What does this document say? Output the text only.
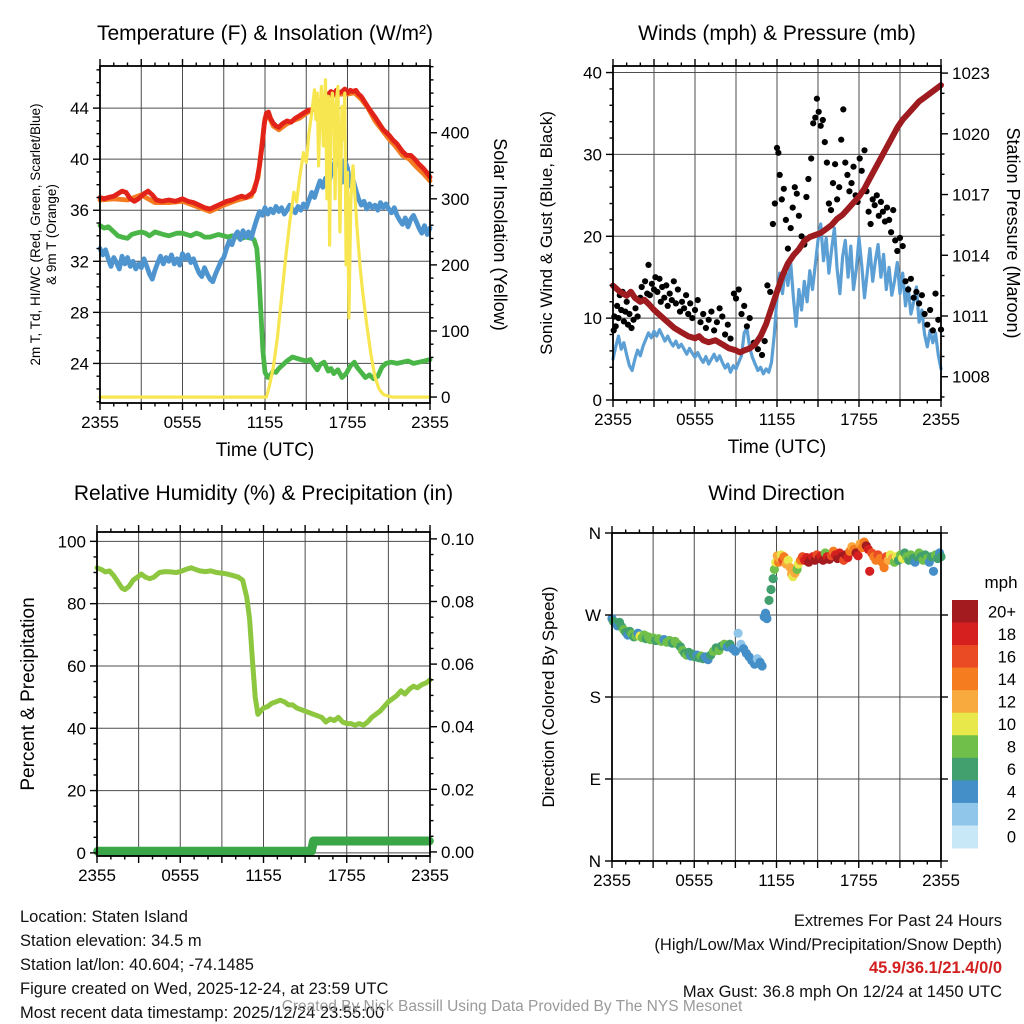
2355	0555	1155	1755	2355
24
28
32
36
40
44
0
100
200
300
400
Temperature (F) & Insolation (W/m²)
Time (UTC)
2m T, Td, HI/WC (Red, Green, Scarlet/Blue) & 9m T (Orange)	Solar Insolation (Yellow)
2355	0555	1155	1755	2355
0
10
20
30
40
1008
1011
1014
1017
1020
1023
Winds (mph) & Pressure (mb)
Time (UTC)
Sonic Wind & Gust (Blue, Black)	Station Pressure (Maroon)
2355	0555	1155	1755	2355
0
20
40
60
80
100
0.00
0.02
0.04
0.06
0.08
0.10
Relative Humidity (%) & Precipitation (in)
Percent & Precipitation
2355	0555	1155	1755	2355
N
W
S
E
N
Wind Direction
Direction (Colored By Speed)	20+
18
16
14
12
10
8
6
4
2
0
mph
Location: Staten Island
Station elevation: 34.5 m
Station lat/lon: 40.604; -74.1485
Figure created on Wed, 2025-12-24, at 23:59 UTC
Most recent data timestamp: 2025/12/24 23:55:00
Extremes For Past 24 Hours
(High/Low/Max Wind/Precipitation/Snow Depth)
45.9/36.1/21.4/0/0
Max Gust: 36.8 mph On 12/24 at 1450 UTC
Created By Nick Bassill Using Data Provided By The NYS Mesonet
